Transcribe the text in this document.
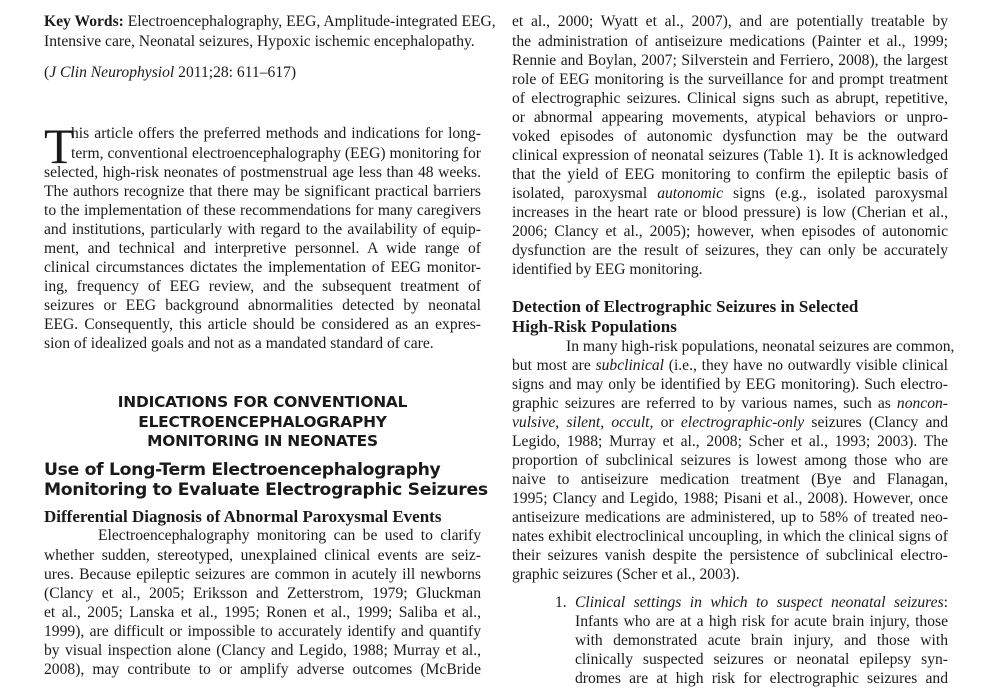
Key Words: Electroencephalography, EEG, Amplitude-integrated EEG,
Intensive care, Neonatal seizures, Hypoxic ischemic encephalopathy.
(J Clin Neurophysiol 2011;28: 611–617)
T
his article offers the preferred methods and indications for long-
term, conventional electroencephalography (EEG) monitoring for
selected, high-risk neonates of postmenstrual age less than 48 weeks.
The authors recognize that there may be significant practical barriers
to the implementation of these recommendations for many caregivers
and institutions, particularly with regard to the availability of equip-
ment, and technical and interpretive personnel. A wide range of
clinical circumstances dictates the implementation of EEG monitor-
ing, frequency of EEG review, and the subsequent treatment of
seizures or EEG background abnormalities detected by neonatal
EEG. Consequently, this article should be considered as an expres-
sion of idealized goals and not as a mandated standard of care.
INDICATIONS FOR CONVENTIONAL
ELECTROENCEPHALOGRAPHY
MONITORING IN NEONATES
Use of Long-Term Electroencephalography
Monitoring to Evaluate Electrographic Seizures
Differential Diagnosis of Abnormal Paroxysmal Events
Electroencephalography monitoring can be used to clarify
whether sudden, stereotyped, unexplained clinical events are seiz-
ures. Because epileptic seizures are common in acutely ill newborns
(Clancy et al., 2005; Eriksson and Zetterstrom, 1979; Gluckman
et al., 2005; Lanska et al., 1995; Ronen et al., 1999; Saliba et al.,
1999), are difficult or impossible to accurately identify and quantify
by visual inspection alone (Clancy and Legido, 1988; Murray et al.,
2008), may contribute to or amplify adverse outcomes (McBride
et al., 2000; Wyatt et al., 2007), and are potentially treatable by
the administration of antiseizure medications (Painter et al., 1999;
Rennie and Boylan, 2007; Silverstein and Ferriero, 2008), the largest
role of EEG monitoring is the surveillance for and prompt treatment
of electrographic seizures. Clinical signs such as abrupt, repetitive,
or abnormal appearing movements, atypical behaviors or unpro-
voked episodes of autonomic dysfunction may be the outward
clinical expression of neonatal seizures (Table 1). It is acknowledged
that the yield of EEG monitoring to confirm the epileptic basis of
isolated, paroxysmal autonomic signs (e.g., isolated paroxysmal
increases in the heart rate or blood pressure) is low (Cherian et al.,
2006; Clancy et al., 2005); however, when episodes of autonomic
dysfunction are the result of seizures, they can only be accurately
identified by EEG monitoring.
Detection of Electrographic Seizures in Selected
High-Risk Populations
In many high-risk populations, neonatal seizures are common,
but most are subclinical (i.e., they have no outwardly visible clinical
signs and may only be identified by EEG monitoring). Such electro-
graphic seizures are referred to by various names, such as noncon-
vulsive, silent, occult, or electrographic-only seizures (Clancy and
Legido, 1988; Murray et al., 2008; Scher et al., 1993; 2003). The
proportion of subclinical seizures is lowest among those who are
naive to antiseizure medication treatment (Bye and Flanagan,
1995; Clancy and Legido, 1988; Pisani et al., 2008). However, once
antiseizure medications are administered, up to 58% of treated neo-
nates exhibit electroclinical uncoupling, in which the clinical signs of
their seizures vanish despite the persistence of subclinical electro-
graphic seizures (Scher et al., 2003).
1. Clinical settings in which to suspect neonatal seizures:
Infants who are at a high risk for acute brain injury, those
with demonstrated acute brain injury, and those with
clinically suspected seizures or neonatal epilepsy syn-
dromes are at high risk for electrographic seizures and
